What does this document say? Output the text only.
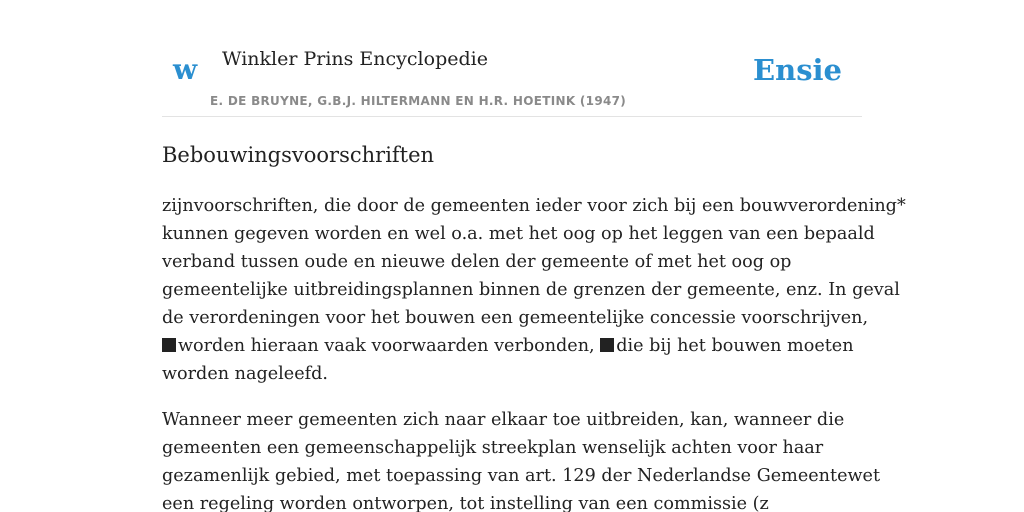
w Winkler Prins Encyclopedie
E. DE BRUYNE, G.B.J. HILTERMANN EN H.R. HOETINK (1947)
Ensie
Bebouwingsvoorschriften

zijnvoorschriften, die door de gemeenten ieder voor zich bij een bouwverordening*
kunnen gegeven worden en wel o.a. met het oog op het leggen van een bepaald
verband tussen oude en nieuwe delen der gemeente of met het oog op
gemeentelijke uitbreidingsplannen binnen de grenzen der gemeente, enz. In geval
de verordeningen voor het bouwen een gemeentelijke concessie voorschrijven,
worden hieraan vaak voorwaarden verbonden, die bij het bouwen moeten
worden nageleefd.

Wanneer meer gemeenten zich naar elkaar toe uitbreiden, kan, wanneer die
gemeenten een gemeenschappelijk streekplan wenselijk achten voor haar
gezamenlijk gebied, met toepassing van art. 129 der Nederlandse Gemeentewet
een regeling worden ontworpen, tot instelling van een commissie (z
